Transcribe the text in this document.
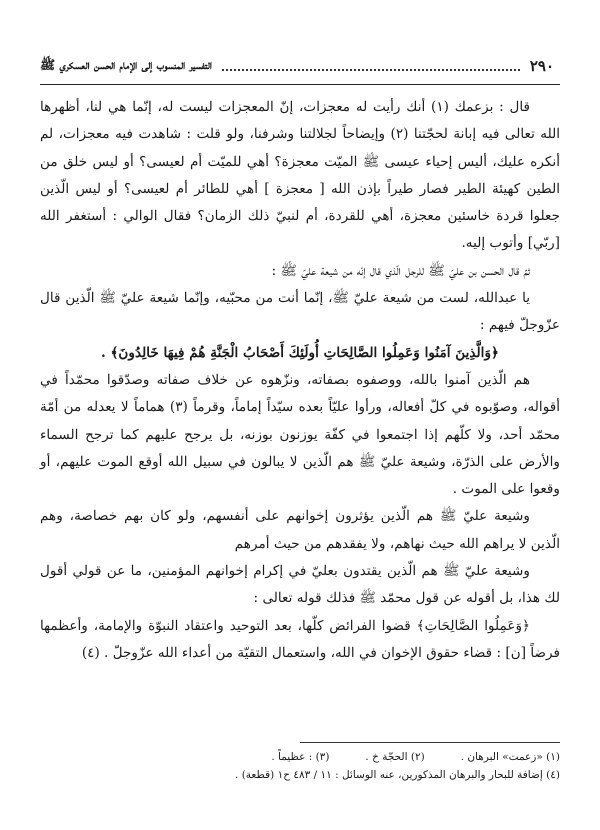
٢٩٠
التفسير المنسوب إلى الإمام الحسن العسكري ﷺ

قال : بزعمك (١) أنك رأيت له معجزات، إنّ المعجزات ليست له، إنّما هي لنا، أظهرها الله تعالى فيه إبانة لحجّتنا (٢) وإيضاحاً لجلالتنا وشرفنا، ولو قلت : شاهدت فيه معجزات، لم أنكره عليك، أليس إحياء عيسى ﷺ الميّت معجزة؟ أهي للميّت أم لعيسى؟ أو ليس خلق من الطين كهيئة الطير فصار طيراً بإذن الله [ معجزة ] أهي للطائر أم لعيسى؟ أو ليس الّذين جعلوا قردة خاسئين معجزة، أهي للقردة، أم لنبيّ ذلك الزمان؟ فقال الوالي : أستغفر الله [ربّي] وأتوب إليه.

ثمّ قال الحسن بن عليّ ﷺ للرجل الّذي قال إنّه من شيعة عليّ ﷺ :

يا عبدالله، لست من شيعة عليّ ﷺ، إنّما أنت من محبّيه، وإنّما شيعة عليّ ﷺ الّذين قال عزّوجلّ فيهم :

﴿وَالَّذِينَ آمَنُوا وَعَمِلُوا الصَّالِحَاتِ أُولَئِكَ أَصْحَابُ الْجَنَّةِ هُمْ فِيهَا خَالِدُونَ﴾ .

هم الّذين آمنوا بالله، ووصفوه بصفاته، ونزّهوه عن خلاف صفاته وصدّقوا محمّداً في أقواله، وصوّبوه في كلّ أفعاله، ورأوا عليّاً بعده سيّداً إماماً، وقرماً (٣) هماماً لا يعدله من أمّة محمّد أحد، ولا كلّهم إذا اجتمعوا في كفّة يوزنون بوزنه، بل يرجح عليهم كما ترجح السماء والأرض على الذرّة، وشيعة عليّ ﷺ هم الّذين لا يبالون في سبيل الله أوقع الموت عليهم، أو وقعوا على الموت .

وشيعة عليّ ﷺ هم الّذين يؤثرون إخوانهم على أنفسهم، ولو كان بهم خصاصة، وهم الّذين لا يراهم الله حيث نهاهم، ولا يفقدهم من حيث أمرهم

وشيعة عليّ ﷺ هم الّذين يقتدون بعليّ في إكرام إخوانهم المؤمنين، ما عن قولي أقول لك هذا، بل أقوله عن قول محمّد ﷺ فذلك قوله تعالى :

﴿وَعَمِلُوا الصَّالِحَاتِ﴾ قضوا الفرائض كلّها، بعد التوحيد واعتقاد النبوّة والإمامة، وأعظمها فرضاً [ن] : قضاء حقوق الإخوان في الله، واستعمال التقيّة من أعداء الله عزّوجلّ . (٤)

(١) «زعمت» البرهان .
(٢) الحجّة خ .
(٣) : عظيماً .
(٤) إضافة للبحار والبرهان المذكورين، عنه الوسائل : ١١ / ٤٨٣ ح١ (قطعة) .
